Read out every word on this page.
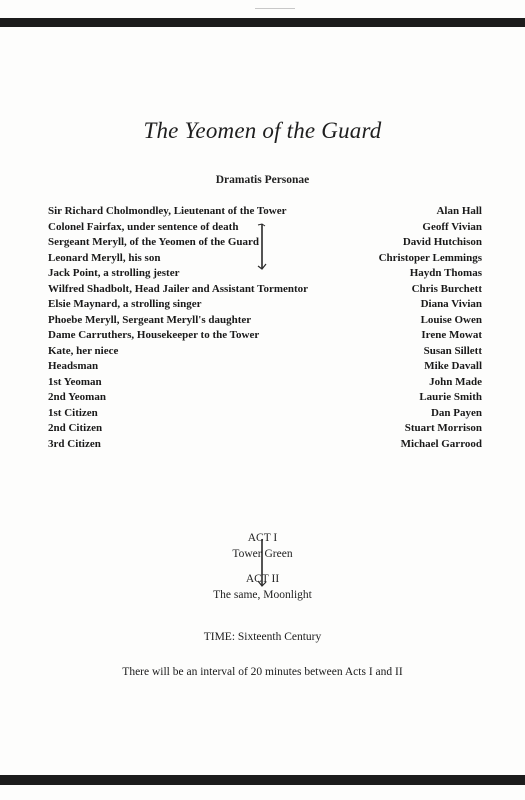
The Yeomen of the Guard
Dramatis Personae
Sir Richard Cholmondley, Lieutenant of the Tower	Alan Hall
Colonel Fairfax, under sentence of death	Geoff Vivian
Sergeant Meryll, of the Yeomen of the Guard	David Hutchison
Leonard Meryll, his son	Christoper Lemmings
Jack Point, a strolling jester	Haydn Thomas
Wilfred Shadbolt, Head Jailer and Assistant Tormentor	Chris Burchett
Elsie Maynard, a strolling singer	Diana Vivian
Phoebe Meryll, Sergeant Meryll's daughter	Louise Owen
Dame Carruthers, Housekeeper to the Tower	Irene Mowat
Kate, her niece	Susan Sillett
Headsman	Mike Davall
1st Yeoman	John Made
2nd Yeoman	Laurie Smith
1st Citizen	Dan Payen
2nd Citizen	Stuart Morrison
3rd Citizen	Michael Garrood
ACT I
Tower Green
ACT II
The same, Moonlight
TIME: Sixteenth Century
There will be an interval of 20 minutes between Acts I and II
